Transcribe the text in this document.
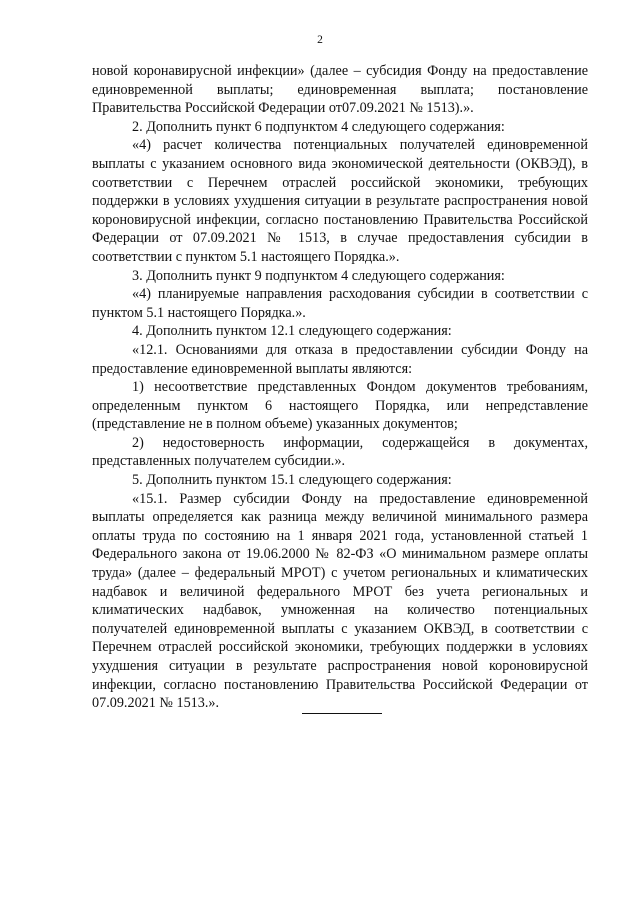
2

новой коронавирусной инфекции» (далее – субсидия Фонду на предоставление единовременной выплаты; единовременная выплата; постановление Правительства Российской Федерации от07.09.2021 № 1513).».

2. Дополнить пункт 6 подпунктом 4 следующего содержания:

«4) расчет количества потенциальных получателей единовременной выплаты с указанием основного вида экономической деятельности (ОКВЭД), в соответствии с Перечнем отраслей российской экономики, требующих поддержки в условиях ухудшения ситуации в результате распространения новой короновирусной инфекции, согласно постановлению Правительства Российской Федерации от 07.09.2021 № 1513, в случае предоставления субсидии в соответствии с пунктом 5.1 настоящего Порядка.».

3. Дополнить пункт 9 подпунктом 4 следующего содержания:

«4) планируемые направления расходования субсидии в соответствии с пунктом 5.1 настоящего Порядка.».

4. Дополнить пунктом 12.1 следующего содержания:

«12.1. Основаниями для отказа в предоставлении субсидии Фонду на предоставление единовременной выплаты являются:

1) несоответствие представленных Фондом документов требованиям, определенным пунктом 6 настоящего Порядка, или непредставление (представление не в полном объеме) указанных документов;

2) недостоверность информации, содержащейся в документах, представленных получателем субсидии.».

5. Дополнить пунктом 15.1 следующего содержания:

«15.1. Размер субсидии Фонду на предоставление единовременной выплаты определяется как разница между величиной минимального размера оплаты труда по состоянию на 1 января 2021 года, установленной статьей 1 Федерального закона от 19.06.2000 № 82-ФЗ «О минимальном размере оплаты труда» (далее – федеральный МРОТ) с учетом региональных и климатических надбавок и величиной федерального МРОТ без учета региональных и климатических надбавок, умноженная на количество потенциальных получателей единовременной выплаты с указанием ОКВЭД, в соответствии с Перечнем отраслей российской экономики, требующих поддержки в условиях ухудшения ситуации в результате распространения новой короновирусной инфекции, согласно постановлению Правительства Российской Федерации от 07.09.2021 № 1513.».
